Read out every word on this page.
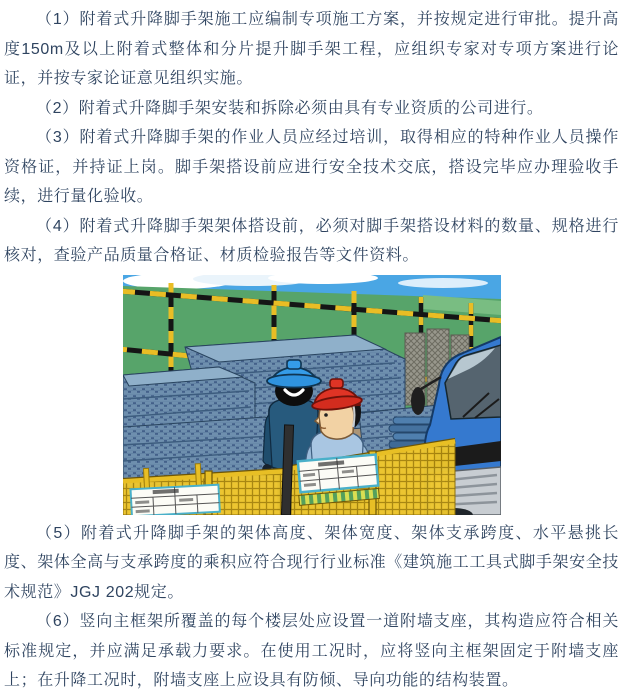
（1）附着式升降脚手架施工应编制专项施工方案，并按规定进行审批。提升高度150m及以上附着式整体和分片提升脚手架工程，应组织专家对专项方案进行论证，并按专家论证意见组织实施。

（2）附着式升降脚手架安装和拆除必须由具有专业资质的公司进行。

（3）附着式升降脚手架的作业人员应经过培训，取得相应的特种作业人员操作资格证，并持证上岗。脚手架搭设前应进行安全技术交底，搭设完毕应办理验收手续，进行量化验收。

（4）附着式升降脚手架架体搭设前，必须对脚手架搭设材料的数量、规格进行核对，查验产品质量合格证、材质检验报告等文件资料。

（5）附着式升降脚手架的架体高度、架体宽度、架体支承跨度、水平悬挑长度、架体全高与支承跨度的乘积应符合现行行业标准《建筑施工工具式脚手架安全技术规范》JGJ 202规定。

（6）竖向主框架所覆盖的每个楼层处应设置一道附墙支座，其构造应符合相关标准规定，并应满足承载力要求。在使用工况时，应将竖向主框架固定于附墙支座上；在升降工况时，附墙支座上应设具有防倾、导向功能的结构装置。
